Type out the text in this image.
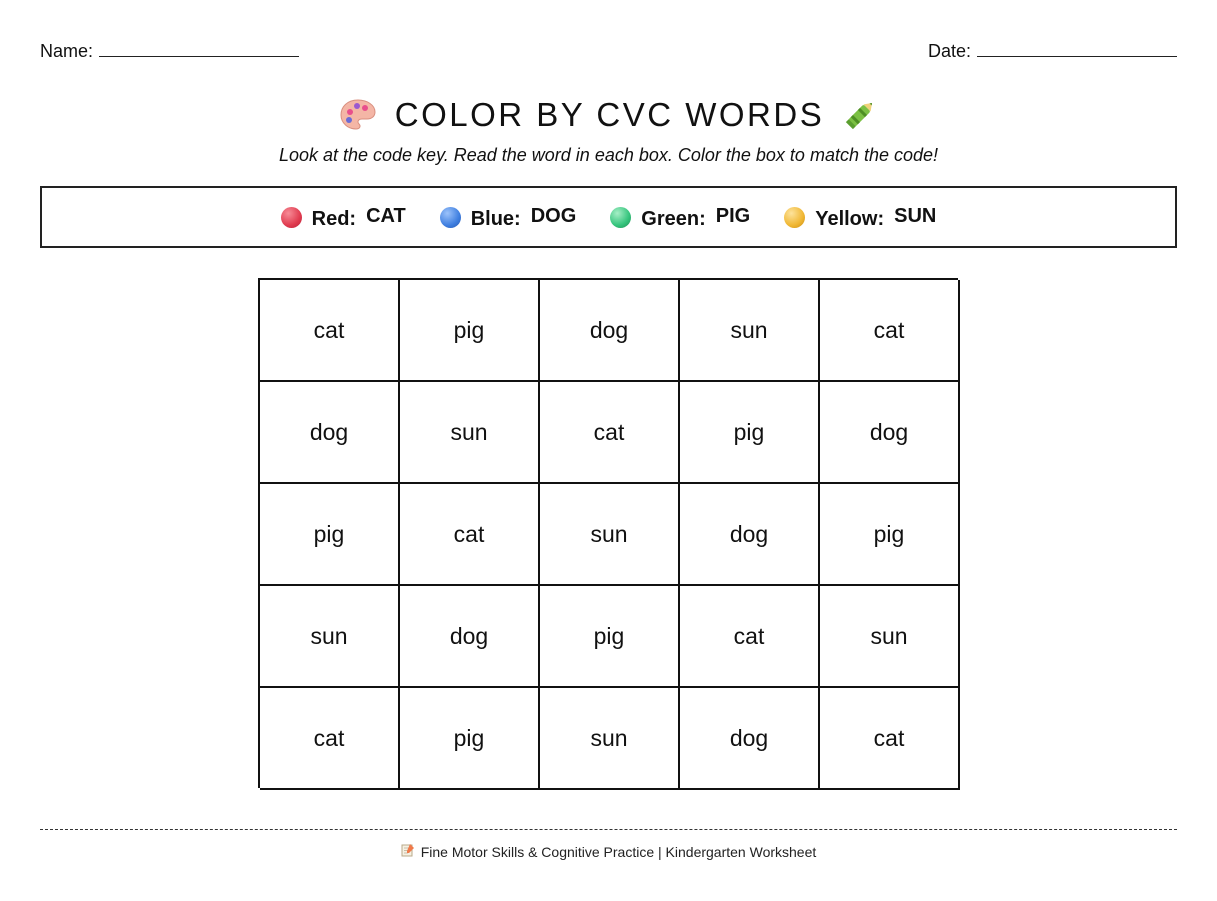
Name:	Date:
COLOR BY CVC WORDS
Look at the code key. Read the word in each box. Color the box to match the code!
Red: CAT	Blue: DOG	Green: PIG	Yellow: SUN
cat	pig	dog	sun	cat
dog	sun	cat	pig	dog
pig	cat	sun	dog	pig
sun	dog	pig	cat	sun
cat	pig	sun	dog	cat
Fine Motor Skills & Cognitive Practice | Kindergarten Worksheet
